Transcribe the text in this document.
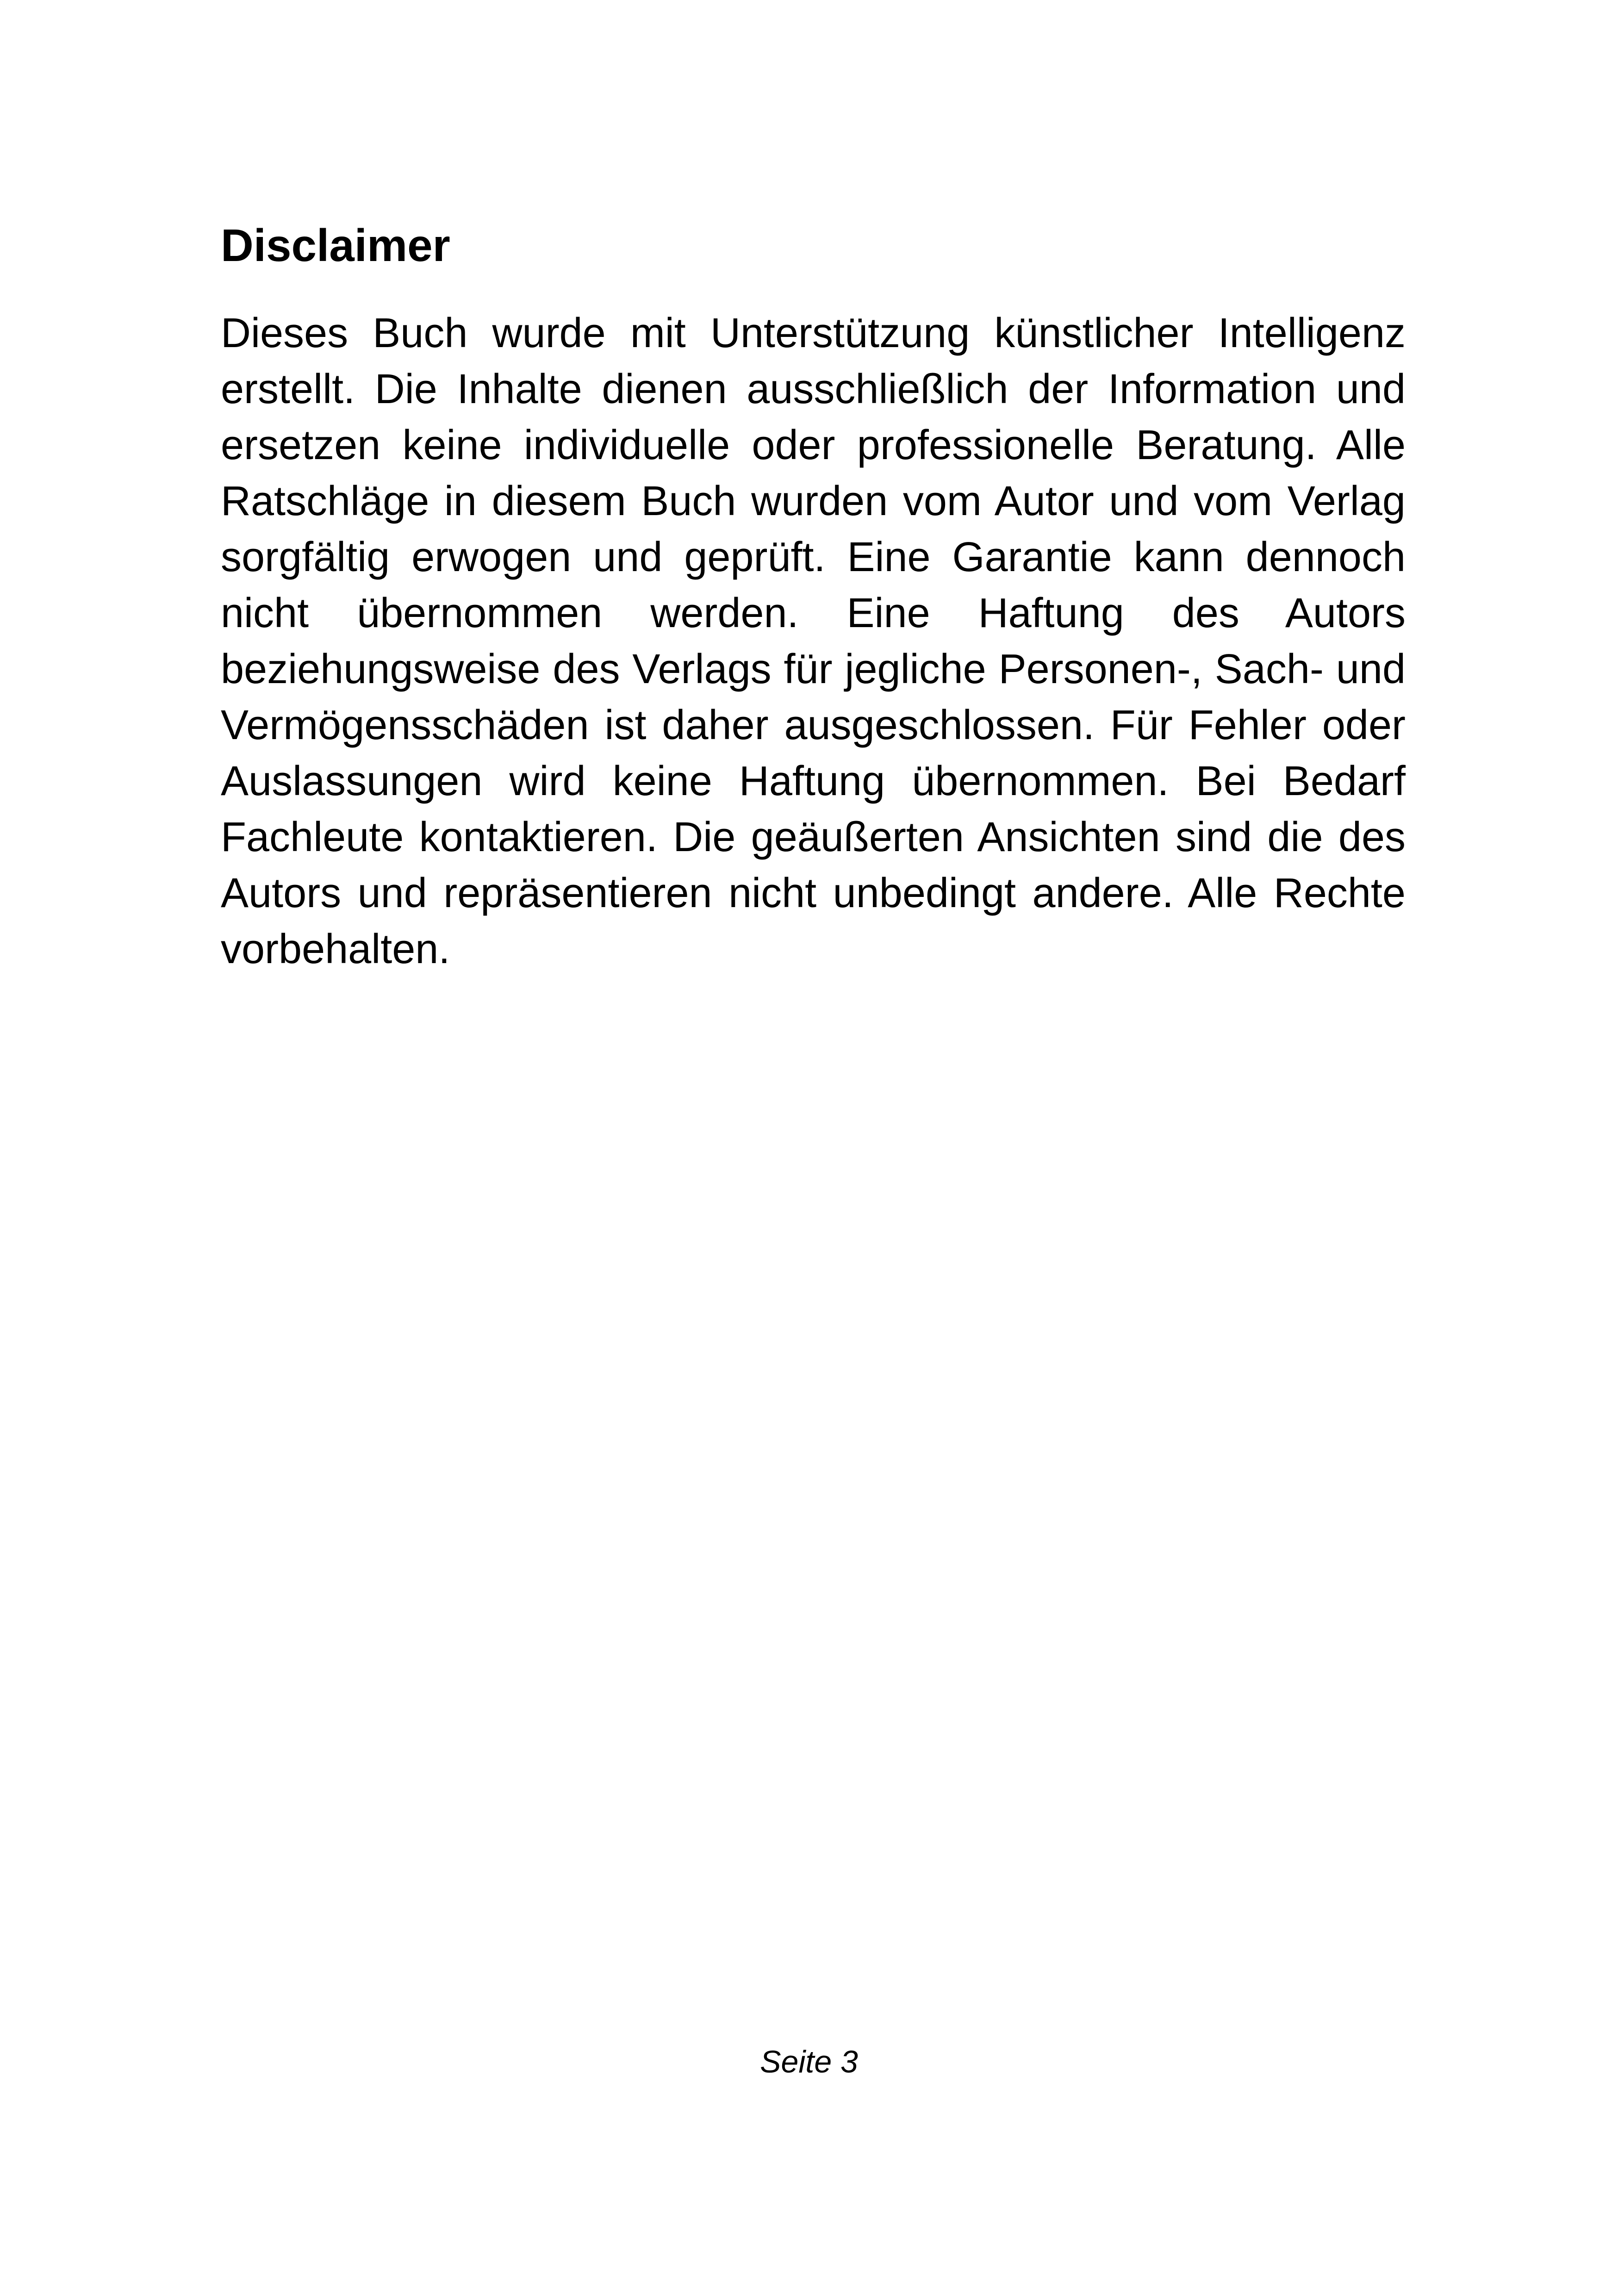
Disclaimer

Dieses Buch wurde mit Unterstützung künstlicher Intelligenz erstellt. Die Inhalte dienen ausschließlich der Information und ersetzen keine individuelle oder professionelle Beratung. Alle Ratschläge in diesem Buch wurden vom Autor und vom Verlag sorgfältig erwogen und geprüft. Eine Garantie kann dennoch nicht übernommen werden. Eine Haftung des Autors beziehungsweise des Verlags für jegliche Personen-, Sach- und Vermögensschäden ist daher ausgeschlossen. Für Fehler oder Auslassungen wird keine Haftung übernommen. Bei Bedarf Fachleute kontaktieren. Die geäußerten Ansichten sind die des Autors und repräsentieren nicht unbedingt andere. Alle Rechte vorbehalten.

Seite 3
